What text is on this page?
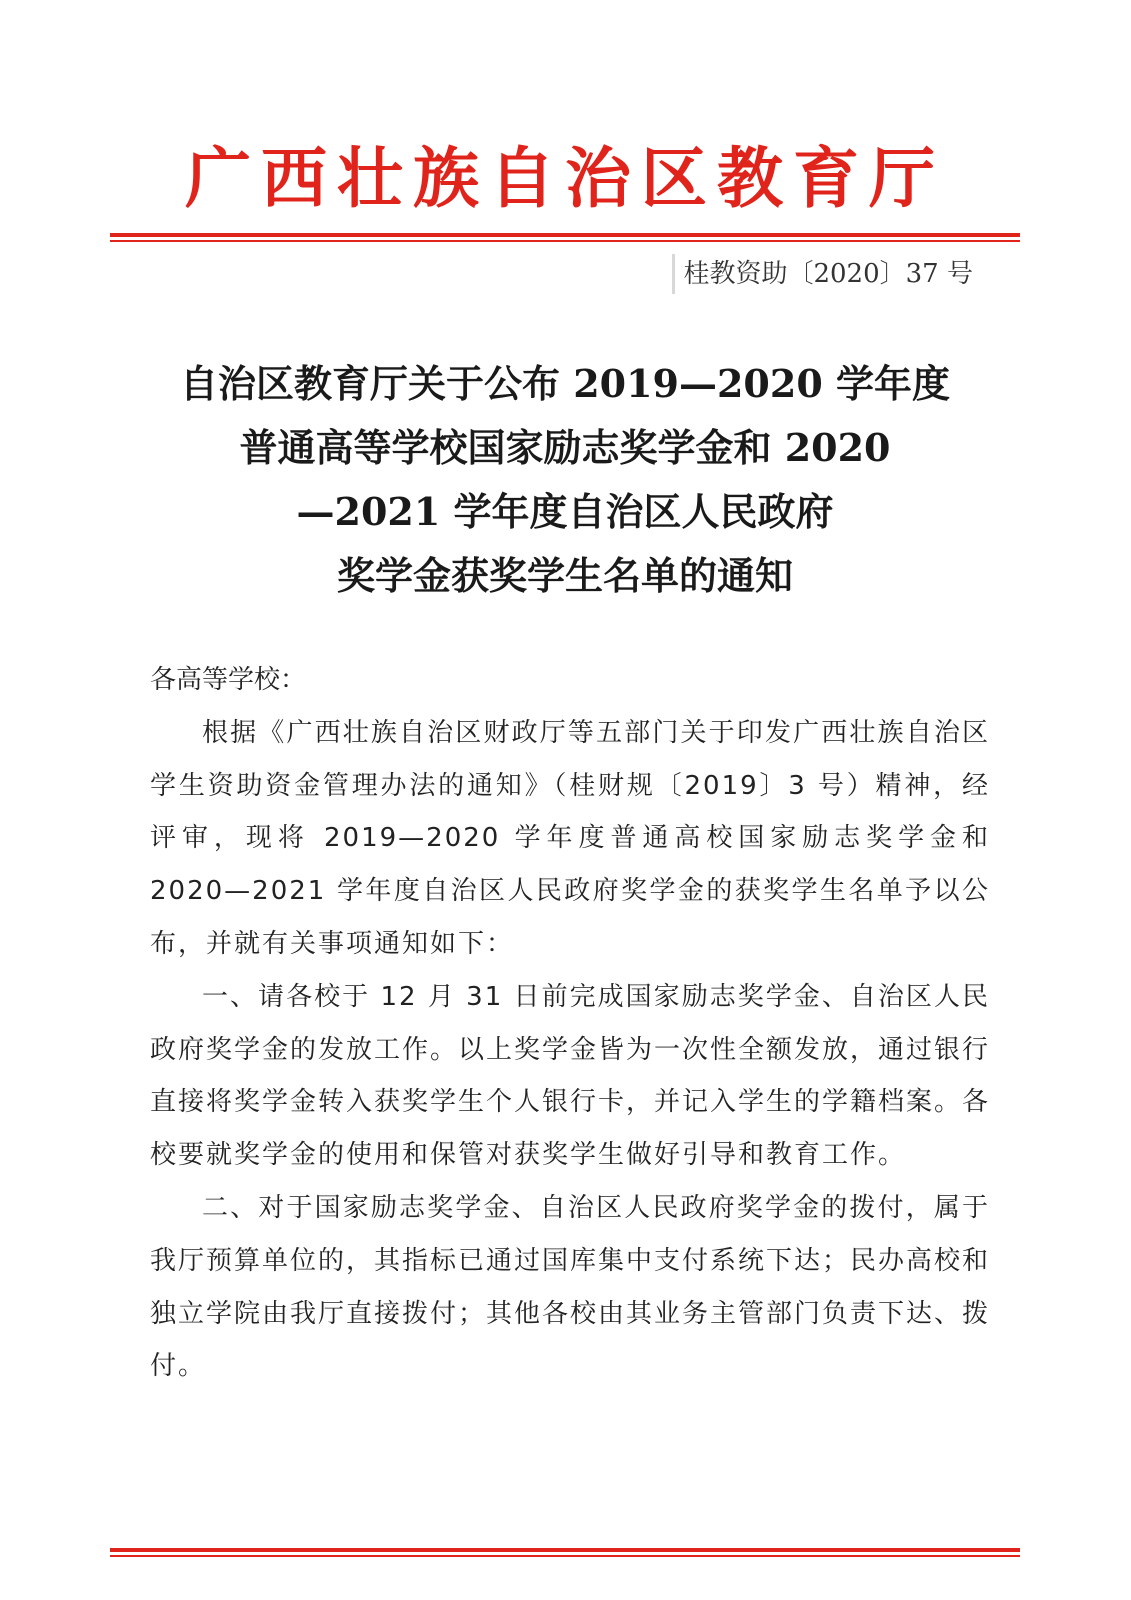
广西壮族自治区教育厅
桂教资助〔2020〕37 号
自治区教育厅关于公布 2019—2020 学年度
普通高等学校国家励志奖学金和 2020
—2021 学年度自治区人民政府
奖学金获奖学生名单的通知
各高等学校：
根据《广西壮族自治区财政厅等五部门关于印发广西壮族自治区学生资助资金管理办法的通知》（桂财规〔2019〕3 号）精神，经评审，现将 2019—2020 学年度普通高校国家励志奖学金和 2020—2021 学年度自治区人民政府奖学金的获奖学生名单予以公布，并就有关事项通知如下：
一、请各校于 12 月 31 日前完成国家励志奖学金、自治区人民政府奖学金的发放工作。以上奖学金皆为一次性全额发放，通过银行直接将奖学金转入获奖学生个人银行卡，并记入学生的学籍档案。各校要就奖学金的使用和保管对获奖学生做好引导和教育工作。
二、对于国家励志奖学金、自治区人民政府奖学金的拨付，属于我厅预算单位的，其指标已通过国库集中支付系统下达；民办高校和独立学院由我厅直接拨付；其他各校由其业务主管部门负责下达、拨付。
